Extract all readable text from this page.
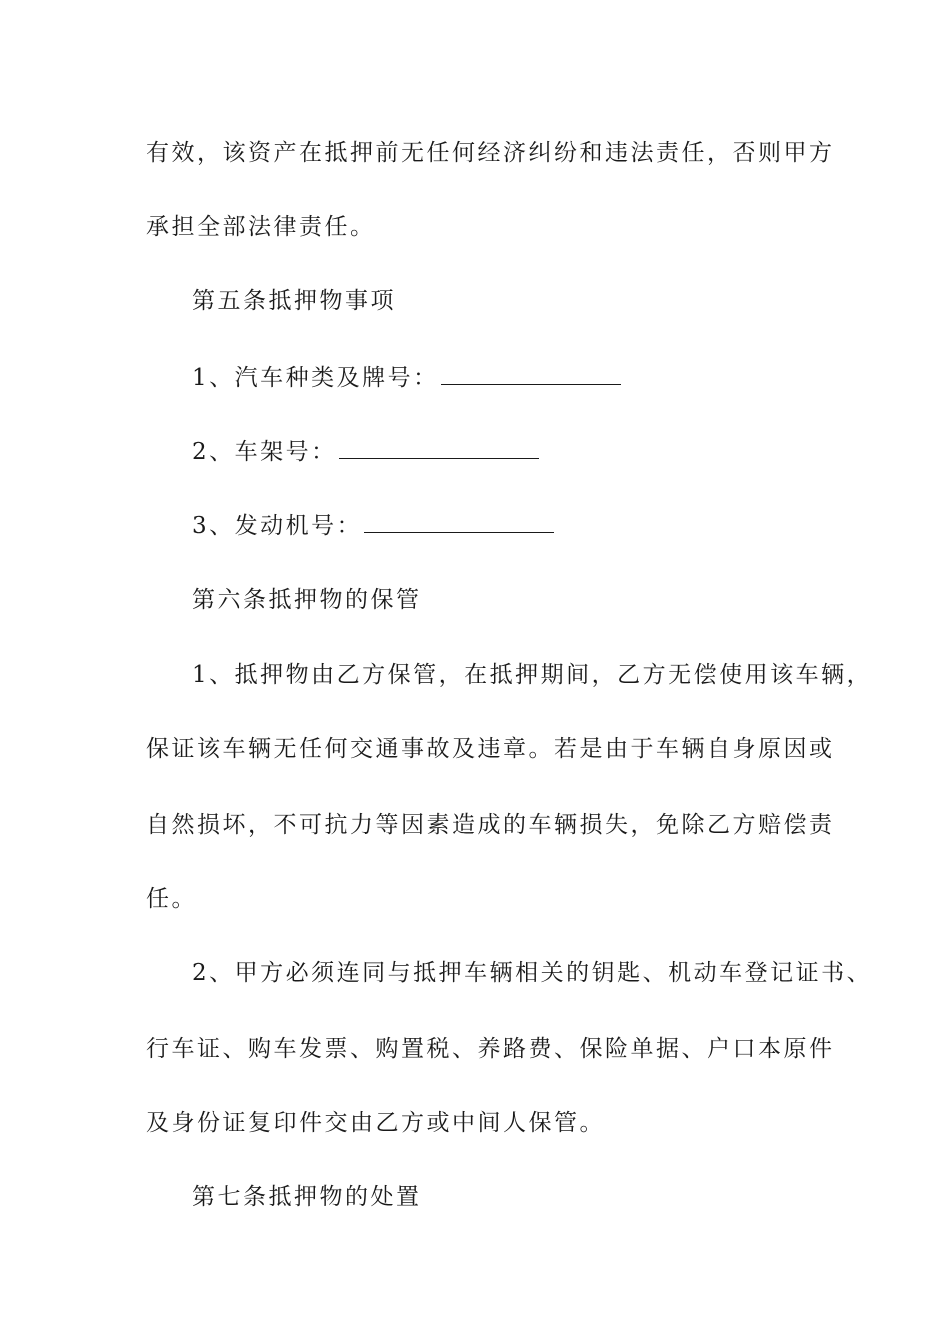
有效，该资产在抵押前无任何经济纠纷和违法责任，否则甲方
承担全部法律责任。
第五条抵押物事项
1、汽车种类及牌号：
2、车架号：
3、发动机号：
第六条抵押物的保管
1、抵押物由乙方保管，在抵押期间，乙方无偿使用该车辆，
保证该车辆无任何交通事故及违章。若是由于车辆自身原因或
自然损坏，不可抗力等因素造成的车辆损失，免除乙方赔偿责
任。
2、甲方必须连同与抵押车辆相关的钥匙、机动车登记证书、
行车证、购车发票、购置税、养路费、保险单据、户口本原件
及身份证复印件交由乙方或中间人保管。
第七条抵押物的处置
